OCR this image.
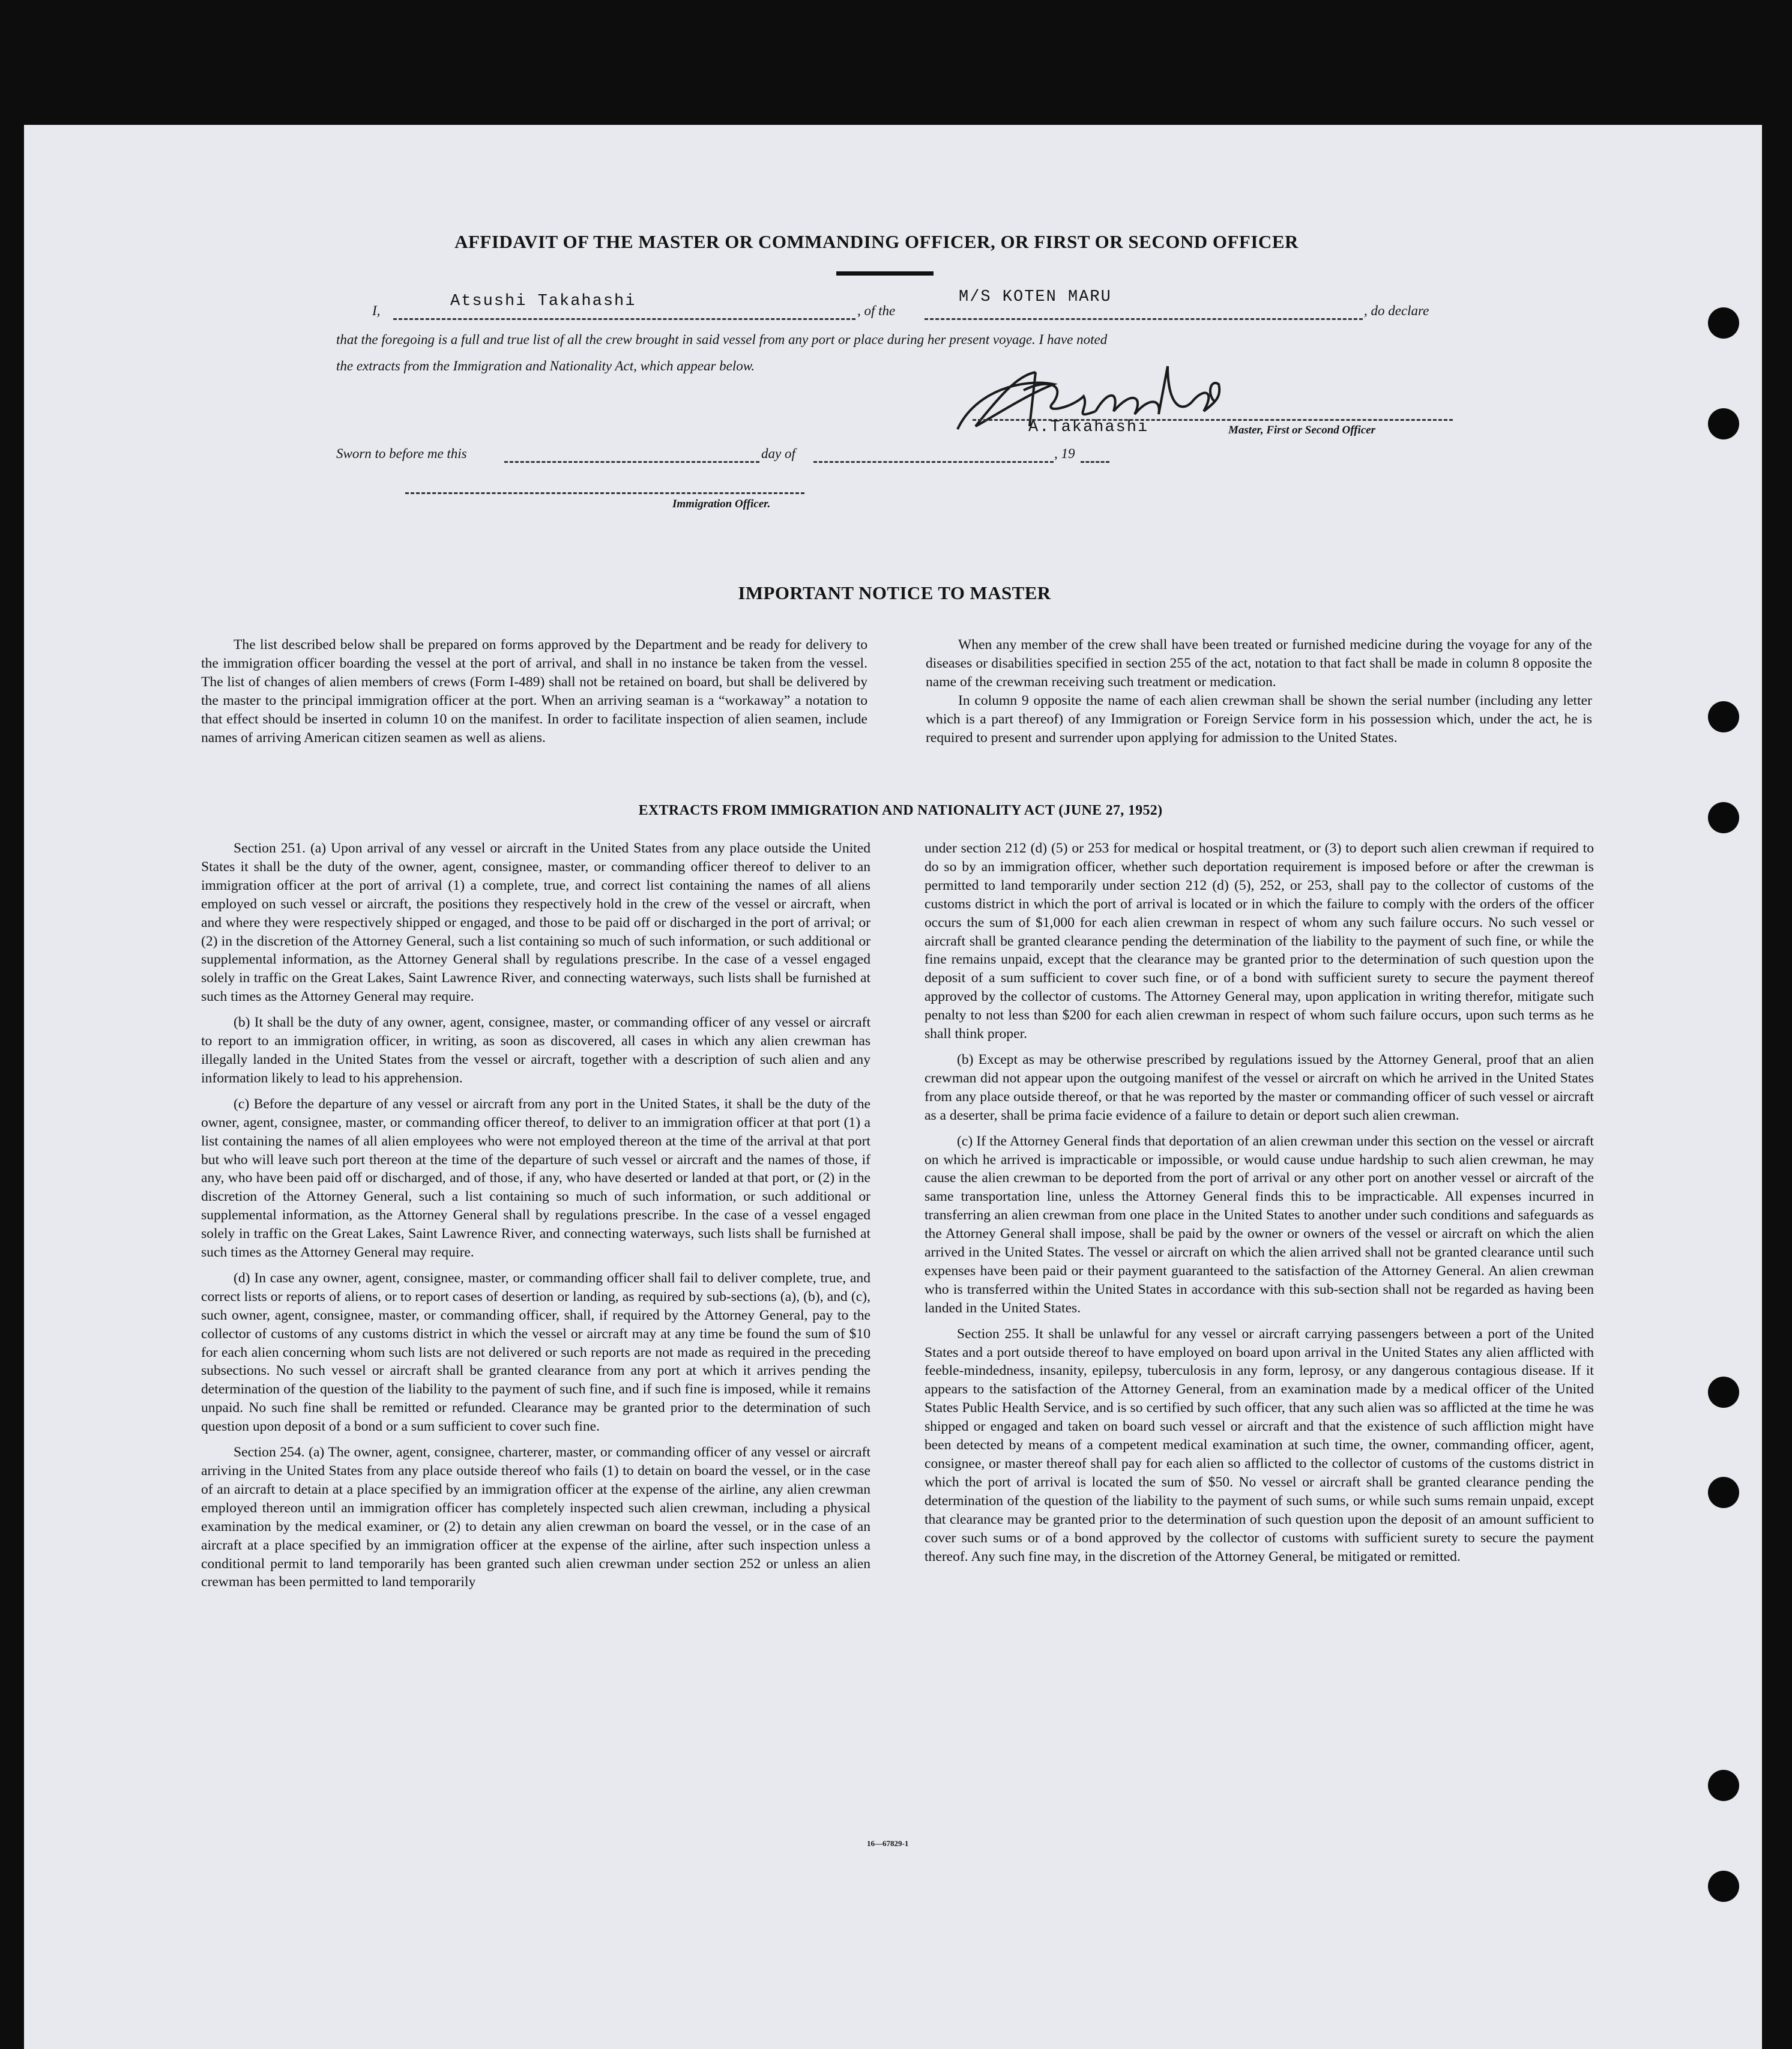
AFFIDAVIT OF THE MASTER OR COMMANDING OFFICER, OR FIRST OR SECOND OFFICER
I,
Atsushi Takahashi
, of the
M/S KOTEN MARU
, do declare
that the foregoing is a full and true list of all the crew brought in said vessel from any port or place during her present voyage. I have noted
the extracts from the Immigration and Nationality Act, which appear below.
A.Takahashi	Master, First or Second Officer
Sworn to before me this	day of	, 19
Immigration Officer.
IMPORTANT NOTICE TO MASTER

The list described below shall be prepared on forms approved by the Department and be ready for delivery to the immigration officer boarding the vessel at the port of arrival, and shall in no instance be taken from the vessel. The list of changes of alien members of crews (Form I-489) shall not be retained on board, but shall be delivered by the master to the principal immigration officer at the port. When an arriving seaman is a “workaway” a notation to that effect should be inserted in column 10 on the manifest. In order to facilitate inspection of alien seamen, include names of arriving American citizen seamen as well as aliens.

When any member of the crew shall have been treated or furnished medicine during the voyage for any of the diseases or disabilities specified in section 255 of the act, notation to that fact shall be made in column 8 opposite the name of the crewman receiving such treatment or medication.

In column 9 opposite the name of each alien crewman shall be shown the serial number (including any letter which is a part thereof) of any Immigration or Foreign Service form in his possession which, under the act, he is required to present and surrender upon applying for admission to the United States.

EXTRACTS FROM IMMIGRATION AND NATIONALITY ACT (JUNE 27, 1952)

Section 251. (a) Upon arrival of any vessel or aircraft in the United States from any place outside the United States it shall be the duty of the owner, agent, consignee, master, or commanding officer thereof to deliver to an immigration officer at the port of arrival (1) a complete, true, and correct list containing the names of all aliens employed on such vessel or aircraft, the positions they respectively hold in the crew of the vessel or aircraft, when and where they were respectively shipped or engaged, and those to be paid off or discharged in the port of arrival; or (2) in the discretion of the Attorney General, such a list containing so much of such information, or such additional or supplemental information, as the Attorney General shall by regulations prescribe. In the case of a vessel engaged solely in traffic on the Great Lakes, Saint Lawrence River, and connecting waterways, such lists shall be furnished at such times as the Attorney General may require.

(b) It shall be the duty of any owner, agent, consignee, master, or commanding officer of any vessel or aircraft to report to an immigration officer, in writing, as soon as discovered, all cases in which any alien crewman has illegally landed in the United States from the vessel or aircraft, together with a description of such alien and any information likely to lead to his apprehension.

(c) Before the departure of any vessel or aircraft from any port in the United States, it shall be the duty of the owner, agent, consignee, master, or commanding officer thereof, to deliver to an immigration officer at that port (1) a list containing the names of all alien employees who were not employed thereon at the time of the arrival at that port but who will leave such port thereon at the time of the departure of such vessel or aircraft and the names of those, if any, who have been paid off or discharged, and of those, if any, who have deserted or landed at that port, or (2) in the discretion of the Attorney General, such a list containing so much of such information, or such additional or supplemental information, as the Attorney General shall by regulations prescribe. In the case of a vessel engaged solely in traffic on the Great Lakes, Saint Lawrence River, and connecting waterways, such lists shall be furnished at such times as the Attorney General may require.

(d) In case any owner, agent, consignee, master, or commanding officer shall fail to deliver complete, true, and correct lists or reports of aliens, or to report cases of desertion or landing, as required by sub-sections (a), (b), and (c), such owner, agent, consignee, master, or commanding officer, shall, if required by the Attorney General, pay to the collector of customs of any customs district in which the vessel or aircraft may at any time be found the sum of $10 for each alien concerning whom such lists are not delivered or such reports are not made as required in the preceding subsections. No such vessel or aircraft shall be granted clearance from any port at which it arrives pending the determination of the question of the liability to the payment of such fine, and if such fine is imposed, while it remains unpaid. No such fine shall be remitted or refunded. Clearance may be granted prior to the determination of such question upon deposit of a bond or a sum sufficient to cover such fine.

Section 254. (a) The owner, agent, consignee, charterer, master, or commanding officer of any vessel or aircraft arriving in the United States from any place outside thereof who fails (1) to detain on board the vessel, or in the case of an aircraft to detain at a place specified by an immigration officer at the expense of the airline, any alien crewman employed thereon until an immigration officer has completely inspected such alien crewman, including a physical examination by the medical examiner, or (2) to detain any alien crewman on board the vessel, or in the case of an aircraft at a place specified by an immigration officer at the expense of the airline, after such inspection unless a conditional permit to land temporarily has been granted such alien crewman under section 252 or unless an alien crewman has been permitted to land temporarily

under section 212 (d) (5) or 253 for medical or hospital treatment, or (3) to deport such alien crewman if required to do so by an immigration officer, whether such deportation requirement is imposed before or after the crewman is permitted to land temporarily under section 212 (d) (5), 252, or 253, shall pay to the collector of customs of the customs district in which the port of arrival is located or in which the failure to comply with the orders of the officer occurs the sum of $1,000 for each alien crewman in respect of whom any such failure occurs. No such vessel or aircraft shall be granted clearance pending the determination of the liability to the payment of such fine, or while the fine remains unpaid, except that the clearance may be granted prior to the determination of such question upon the deposit of a sum sufficient to cover such fine, or of a bond with sufficient surety to secure the payment thereof approved by the collector of customs. The Attorney General may, upon application in writing therefor, mitigate such penalty to not less than $200 for each alien crewman in respect of whom such failure occurs, upon such terms as he shall think proper.

(b) Except as may be otherwise prescribed by regulations issued by the Attorney General, proof that an alien crewman did not appear upon the outgoing manifest of the vessel or aircraft on which he arrived in the United States from any place outside thereof, or that he was reported by the master or commanding officer of such vessel or aircraft as a deserter, shall be prima facie evidence of a failure to detain or deport such alien crewman.

(c) If the Attorney General finds that deportation of an alien crewman under this section on the vessel or aircraft on which he arrived is impracticable or impossible, or would cause undue hardship to such alien crewman, he may cause the alien crewman to be deported from the port of arrival or any other port on another vessel or aircraft of the same transportation line, unless the Attorney General finds this to be impracticable. All expenses incurred in transferring an alien crewman from one place in the United States to another under such conditions and safeguards as the Attorney General shall impose, shall be paid by the owner or owners of the vessel or aircraft on which the alien arrived in the United States. The vessel or aircraft on which the alien arrived shall not be granted clearance until such expenses have been paid or their payment guaranteed to the satisfaction of the Attorney General. An alien crewman who is transferred within the United States in accordance with this sub-section shall not be regarded as having been landed in the United States.

Section 255. It shall be unlawful for any vessel or aircraft carrying passengers between a port of the United States and a port outside thereof to have employed on board upon arrival in the United States any alien afflicted with feeble-mindedness, insanity, epilepsy, tuberculosis in any form, leprosy, or any dangerous contagious disease. If it appears to the satisfaction of the Attorney General, from an examination made by a medical officer of the United States Public Health Service, and is so certified by such officer, that any such alien was so afflicted at the time he was shipped or engaged and taken on board such vessel or aircraft and that the existence of such affliction might have been detected by means of a competent medical examination at such time, the owner, commanding officer, agent, consignee, or master thereof shall pay for each alien so afflicted to the collector of customs of the customs district in which the port of arrival is located the sum of $50. No vessel or aircraft shall be granted clearance pending the determination of the question of the liability to the payment of such sums, or while such sums remain unpaid, except that clearance may be granted prior to the determination of such question upon the deposit of an amount sufficient to cover such sums or of a bond approved by the collector of customs with sufficient surety to secure the payment thereof. Any such fine may, in the discretion of the Attorney General, be mitigated or remitted.

16—67829-1
